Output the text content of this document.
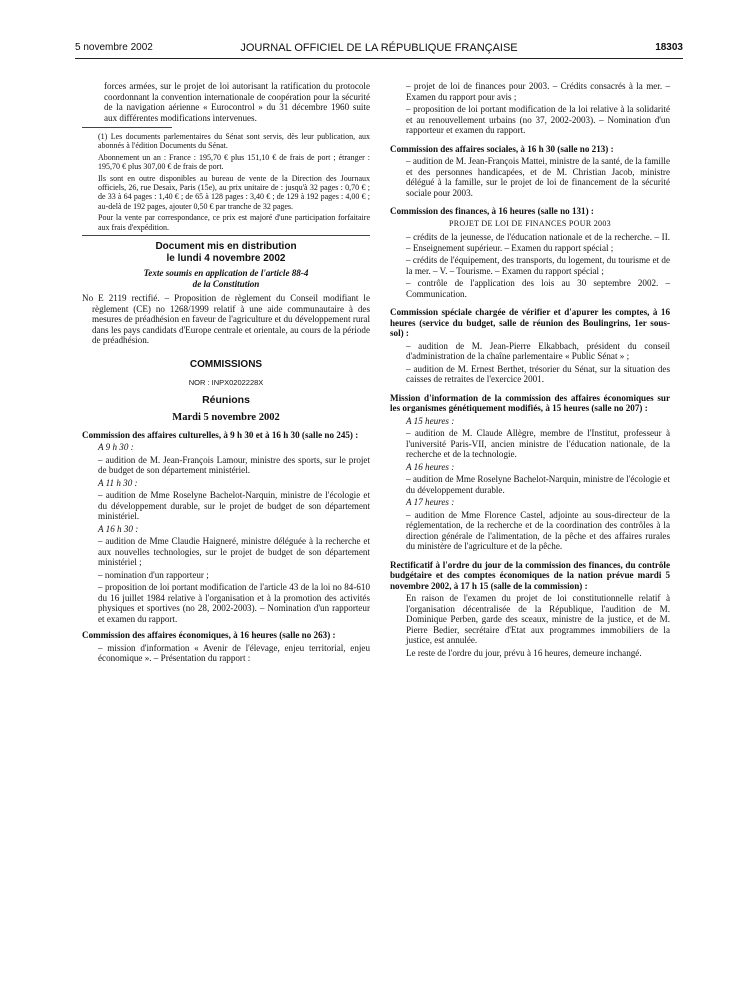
5 novembre 2002	JOURNAL OFFICIEL DE LA RÉPUBLIQUE FRANÇAISE	18303

forces armées, sur le projet de loi autorisant la ratification du protocole coordonnant la convention internationale de coopération pour la sécurité de la navigation aérienne « Eurocontrol » du 31 décembre 1960 suite aux différentes modifications intervenues.

(1) Les documents parlementaires du Sénat sont servis, dès leur publication, aux abonnés à l'édition Documents du Sénat.

Abonnement un an : France : 195,70 € plus 151,10 € de frais de port ; étranger : 195,70 € plus 307,00 € de frais de port.

Ils sont en outre disponibles au bureau de vente de la Direction des Journaux officiels, 26, rue Desaix, Paris (15e), au prix unitaire de : jusqu'à 32 pages : 0,70 € ; de 33 à 64 pages : 1,40 € ; de 65 à 128 pages : 3,40 € ; de 129 à 192 pages : 4,00 € ; au-delà de 192 pages, ajouter 0,50 € par tranche de 32 pages.

Pour la vente par correspondance, ce prix est majoré d'une participation forfaitaire aux frais d'expédition.

Document mis en distribution
le lundi 4 novembre 2002
Texte soumis en application de l'article 88-4
de la Constitution

No E 2119 rectifié. – Proposition de règlement du Conseil modifiant le règlement (CE) no 1268/1999 relatif à une aide communautaire à des mesures de préadhésion en faveur de l'agriculture et du développement rural dans les pays candidats d'Europe centrale et orientale, au cours de la période de préadhésion.

COMMISSIONS
NOR : INPX0202228X
Réunions
Mardi 5 novembre 2002

Commission des affaires culturelles, à 9 h 30 et à 16 h 30 (salle no 245) :

A 9 h 30 :

– audition de M. Jean-François Lamour, ministre des sports, sur le projet de budget de son département ministériel.

A 11 h 30 :

– audition de Mme Roselyne Bachelot-Narquin, ministre de l'écologie et du développement durable, sur le projet de budget de son département ministériel.

A 16 h 30 :

– audition de Mme Claudie Haigneré, ministre déléguée à la recherche et aux nouvelles technologies, sur le projet de budget de son département ministériel ;

– nomination d'un rapporteur ;

– proposition de loi portant modification de l'article 43 de la loi no 84-610 du 16 juillet 1984 relative à l'organisation et à la promotion des activités physiques et sportives (no 28, 2002-2003). – Nomination d'un rapporteur et examen du rapport.

Commission des affaires économiques, à 16 heures (salle no 263) :

– mission d'information « Avenir de l'élevage, enjeu territorial, enjeu économique ». – Présentation du rapport :

– projet de loi de finances pour 2003. – Crédits consacrés à la mer. – Examen du rapport pour avis ;

– proposition de loi portant modification de la loi relative à la solidarité et au renouvellement urbains (no 37, 2002-2003). – Nomination d'un rapporteur et examen du rapport.

Commission des affaires sociales, à 16 h 30 (salle no 213) :

– audition de M. Jean-François Mattei, ministre de la santé, de la famille et des personnes handicapées, et de M. Christian Jacob, ministre délégué à la famille, sur le projet de loi de financement de la sécurité sociale pour 2003.

Commission des finances, à 16 heures (salle no 131) :

PROJET DE LOI DE FINANCES POUR 2003

– crédits de la jeunesse, de l'éducation nationale et de la recherche. – II. – Enseignement supérieur. – Examen du rapport spécial ;

– crédits de l'équipement, des transports, du logement, du tourisme et de la mer. – V. – Tourisme. – Examen du rapport spécial ;

– contrôle de l'application des lois au 30 septembre 2002. – Communication.

Commission spéciale chargée de vérifier et d'apurer les comptes, à 16 heures (service du budget, salle de réunion des Boulingrins, 1er sous-sol) :

– audition de M. Jean-Pierre Elkabbach, président du conseil d'administration de la chaîne parlementaire « Public Sénat » ;

– audition de M. Ernest Berthet, trésorier du Sénat, sur la situation des caisses de retraites de l'exercice 2001.

Mission d'information de la commission des affaires économiques sur les organismes génétiquement modifiés, à 15 heures (salle no 207) :

A 15 heures :

– audition de M. Claude Allègre, membre de l'Institut, professeur à l'université Paris-VII, ancien ministre de l'éducation nationale, de la recherche et de la technologie.

A 16 heures :

– audition de Mme Roselyne Bachelot-Narquin, ministre de l'écologie et du développement durable.

A 17 heures :

– audition de Mme Florence Castel, adjointe au sous-directeur de la réglementation, de la recherche et de la coordination des contrôles à la direction générale de l'alimentation, de la pêche et des affaires rurales du ministère de l'agriculture et de la pêche.

Rectificatif à l'ordre du jour de la commission des finances, du contrôle budgétaire et des comptes économiques de la nation prévue mardi 5 novembre 2002, à 17 h 15 (salle de la commission) :

En raison de l'examen du projet de loi constitutionnelle relatif à l'organisation décentralisée de la République, l'audition de M. Dominique Perben, garde des sceaux, ministre de la justice, et de M. Pierre Bedier, secrétaire d'Etat aux programmes immobiliers de la justice, est annulée.

Le reste de l'ordre du jour, prévu à 16 heures, demeure inchangé.
